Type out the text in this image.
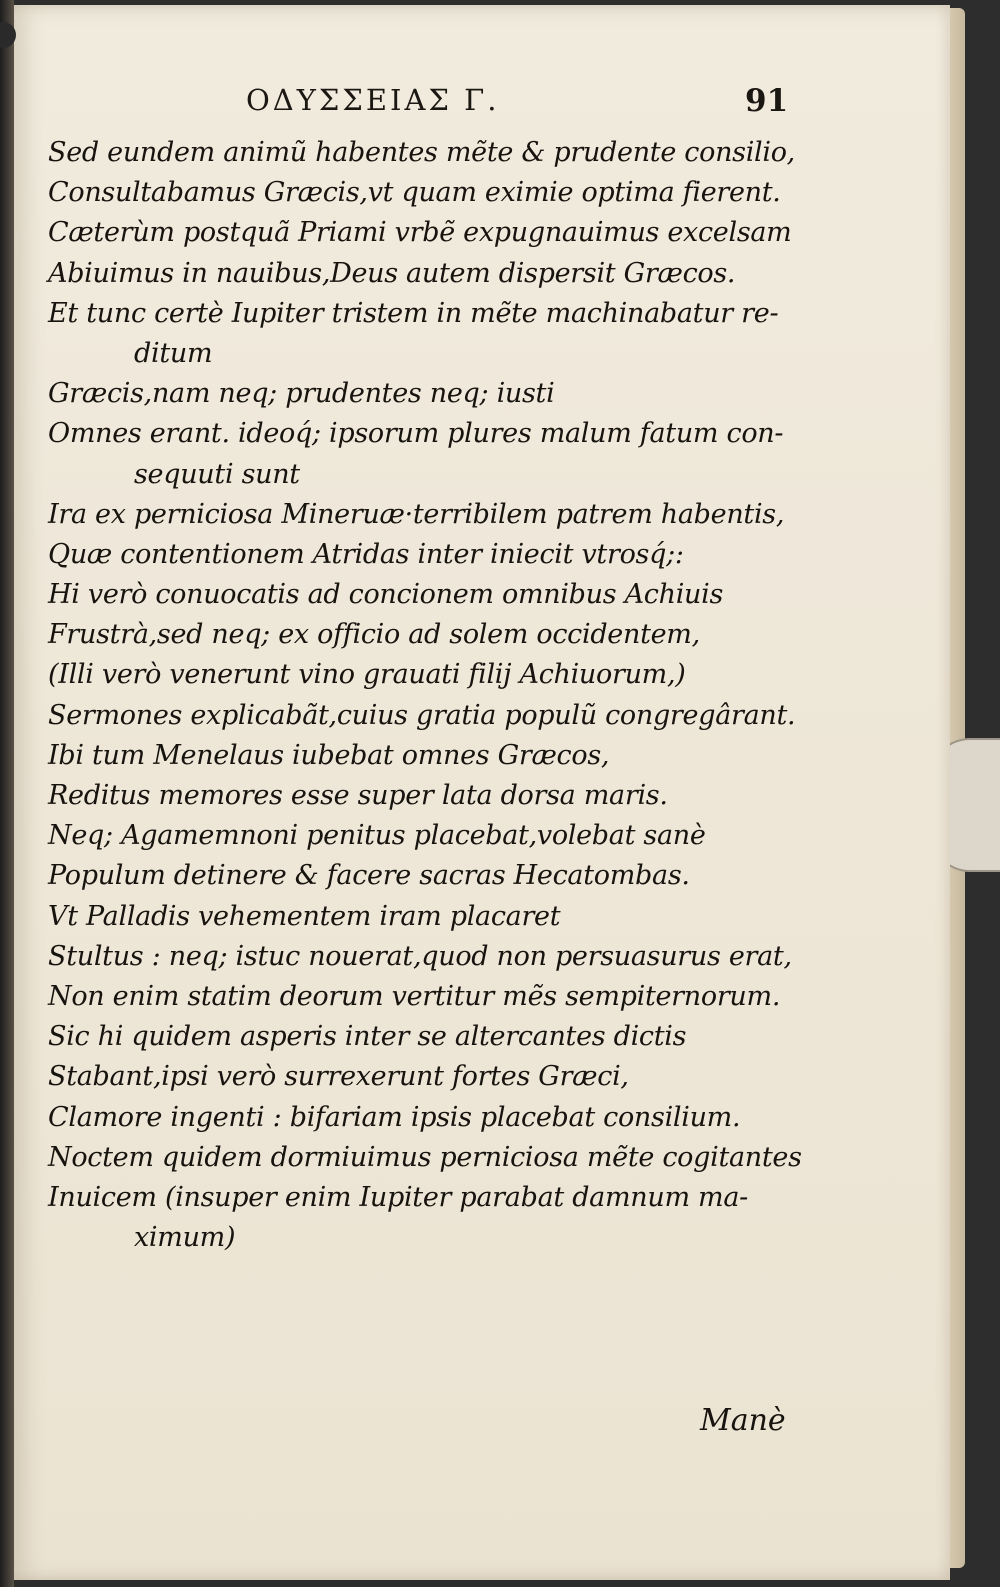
ΟΔΥΣΣΕΙΑΣ Γ.	91
Sed eundem animũ habentes mẽte & prudente consilio,
Consultabamus Græcis,vt quam eximie optima fierent.
Cæterùm postquã Priami vrbẽ expugnauimus excelsam
Abiuimus in nauibus,Deus autem dispersit Græcos.
Et tunc certè Iupiter tristem in mẽte machinabatur re-
ditum
Græcis,nam neq; prudentes neq; iusti
Omnes erant. ideoq́; ipsorum plures malum fatum con-
sequuti sunt
Ira ex perniciosa Mineruæ·terribilem patrem habentis,
Quæ contentionem Atridas inter iniecit vtrosq́;:
Hi verò conuocatis ad concionem omnibus Achiuis
Frustrà,sed neq; ex officio ad solem occidentem,
(Illi verò venerunt vino grauati filij Achiuorum,)
Sermones explicabãt,cuius gratia populũ congregârant.
Ibi tum Menelaus iubebat omnes Græcos,
Reditus memores esse super lata dorsa maris.
Neq; Agamemnoni penitus placebat,volebat sanè
Populum detinere & facere sacras Hecatombas.
Vt Palladis vehementem iram placaret
Stultus : neq; istuc nouerat,quod non persuasurus erat,
Non enim statim deorum vertitur mẽs sempiternorum.
Sic hi quidem asperis inter se altercantes dictis
Stabant,ipsi verò surrexerunt fortes Græci,
Clamore ingenti : bifariam ipsis placebat consilium.
Noctem quidem dormiuimus perniciosa mẽte cogitantes
Inuicem (insuper enim Iupiter parabat damnum ma-
ximum)
Manè
